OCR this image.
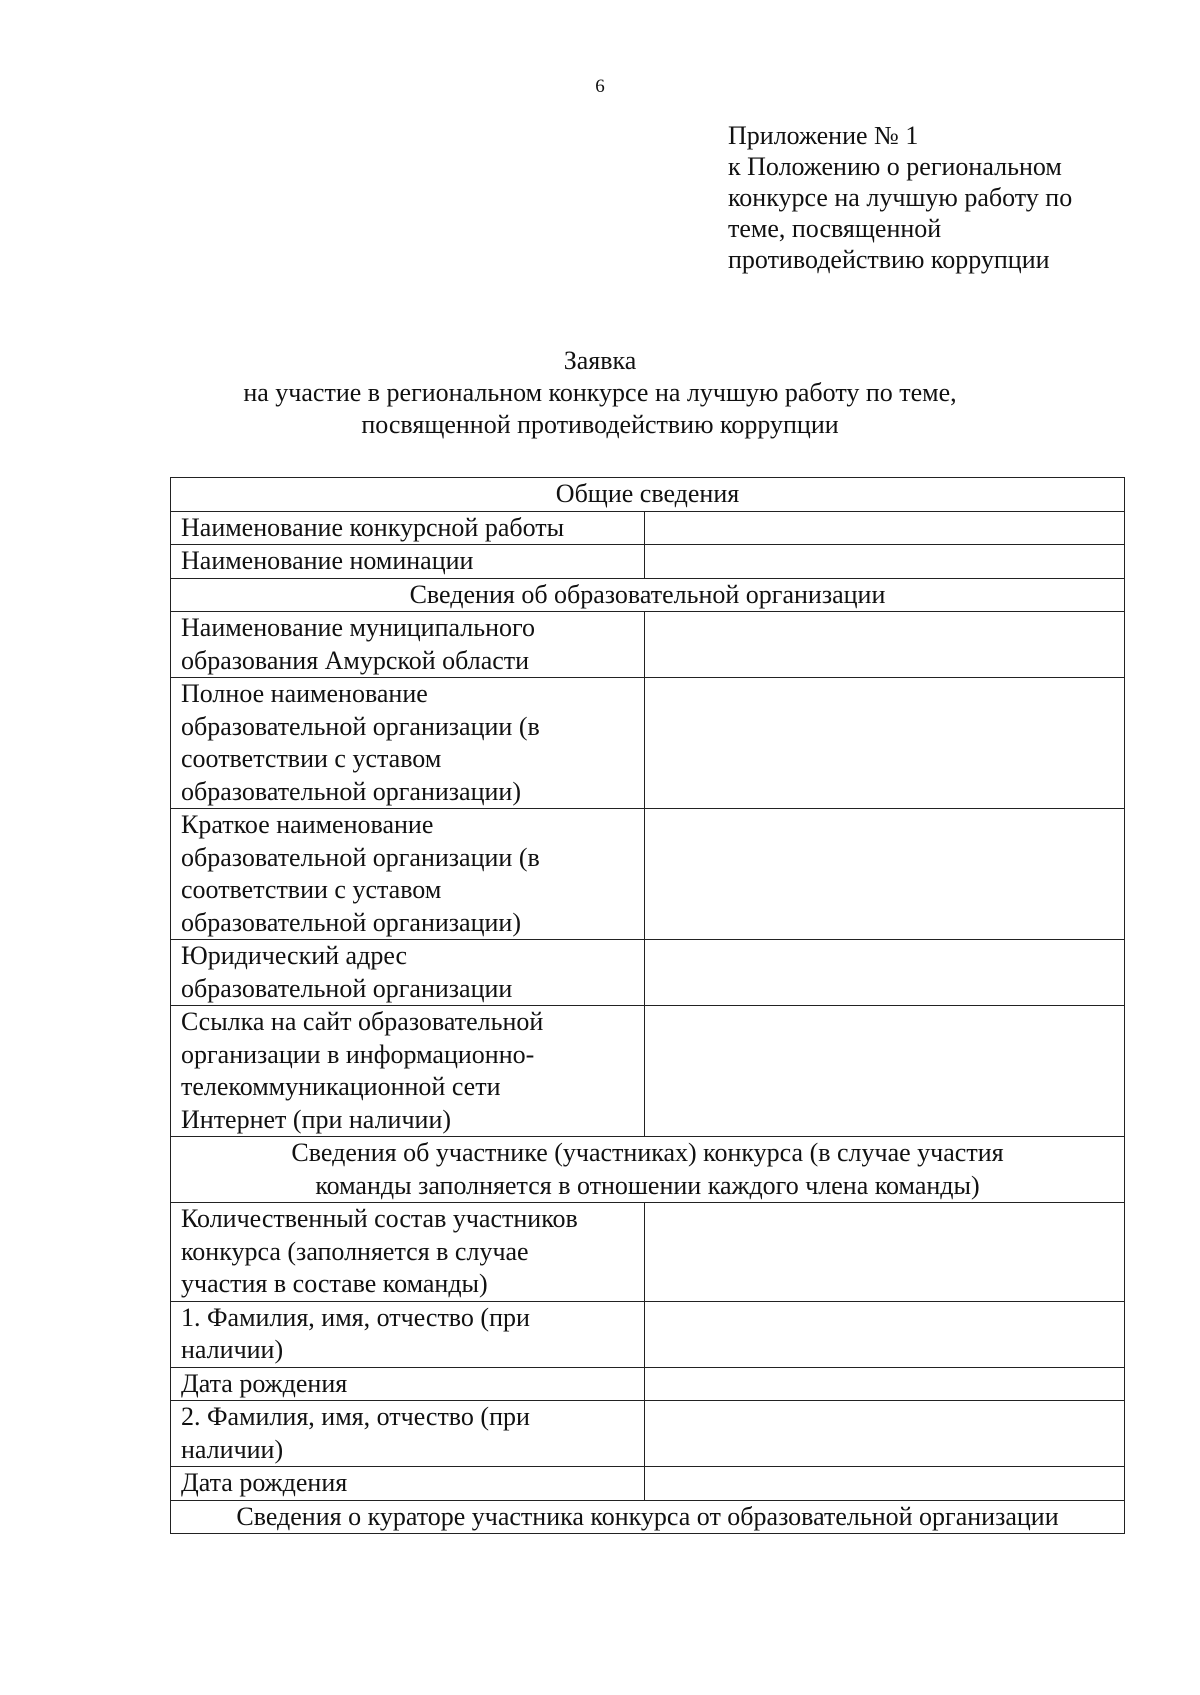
6
Приложение № 1
к Положению о региональном
конкурсе на лучшую работу по
теме, посвященной
противодействию коррупции
Заявка
на участие в региональном конкурсе на лучшую работу по теме,
посвященной противодействию коррупции
Общие сведения	

Наименование конкурсной работы	

Наименование номинации	

Сведения об образовательной организации	

Наименование муниципального
образования Амурской области	

Полное наименование
образовательной организации (в
соответствии с уставом
образовательной организации)	

Краткое наименование
образовательной организации (в
соответствии с уставом
образовательной организации)	

Юридический адрес
образовательной организации	

Ссылка на сайт образовательной
организации в информационно-
телекоммуникационной сети
Интернет (при наличии)	

Сведения об участнике (участниках) конкурса (в случае участия
команды заполняется в отношении каждого члена команды)	

Количественный состав участников
конкурса (заполняется в случае
участия в составе команды)	

1. Фамилия, имя, отчество (при
наличии)	

Дата рождения	

2. Фамилия, имя, отчество (при
наличии)	

Дата рождения	

Сведения о кураторе участника конкурса от образовательной организации	
